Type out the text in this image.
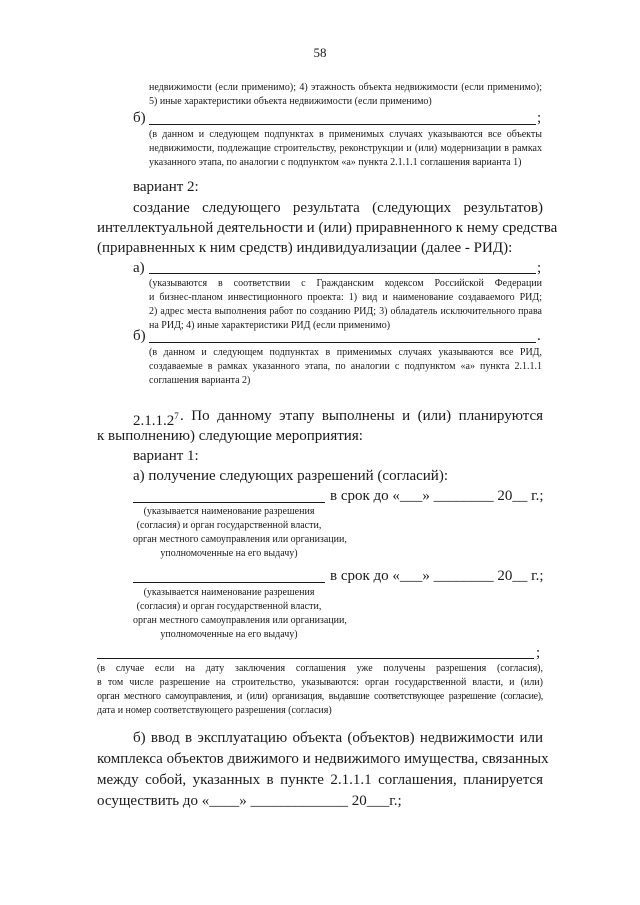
58
недвижимости (если применимо); 4) этажность объекта недвижимости (если применимо);
5) иные характеристики объекта недвижимости (если применимо)
б)	;
(в данном и следующем подпунктах в применимых случаях указываются все объекты
недвижимости, подлежащие строительству, реконструкции и (или) модернизации в рамках
указанного этапа, по аналогии с подпунктом «а» пункта 2.1.1.1 соглашения варианта 1)
вариант 2:
создание следующего результата (следующих результатов)
интеллектуальной деятельности и (или) приравненного к нему средства
(приравненных к ним средств) индивидуализации (далее - РИД):
а)	;
(указываются в соответствии с Гражданским кодексом Российской Федерации
и бизнес-планом инвестиционного проекта: 1) вид и наименование создаваемого РИД;
2) адрес места выполнения работ по созданию РИД; 3) обладатель исключительного права
на РИД; 4) иные характеристики РИД (если применимо)
б)	.
(в данном и следующем подпунктах в применимых случаях указываются все РИД,
создаваемые в рамках указанного этапа, по аналогии с подпунктом «а» пункта 2.1.1.1
соглашения варианта 2)
2.1.1.2$^7$ . По данному этапу выполнены и (или) планируются
к выполнению) следующие мероприятия:
вариант 1:
а) получение следующих разрешений (согласий):
в срок до «___» ________ 20__ г.;
(указывается наименование разрешения
(согласия) и орган государственной власти,
орган местного самоуправления или организации,
уполномоченные на его выдачу)
в срок до «___» ________ 20__ г.;
(указывается наименование разрешения
(согласия) и орган государственной власти,
орган местного самоуправления или организации,
уполномоченные на его выдачу)
;
(в случае если на дату заключения соглашения уже получены разрешения (согласия),
в том числе разрешение на строительство, указываются: орган государственной власти, и (или)
орган местного самоуправления, и (или) организация, выдавшие соответствующее разрешение (согласие),
дата и номер соответствующего разрешения (согласия)
б) ввод в эксплуатацию объекта (объектов) недвижимости или
комплекса объектов движимого и недвижимого имущества, связанных
между собой, указанных в пункте 2.1.1.1 соглашения, планируется
осуществить до «____» _____________ 20___г.;
